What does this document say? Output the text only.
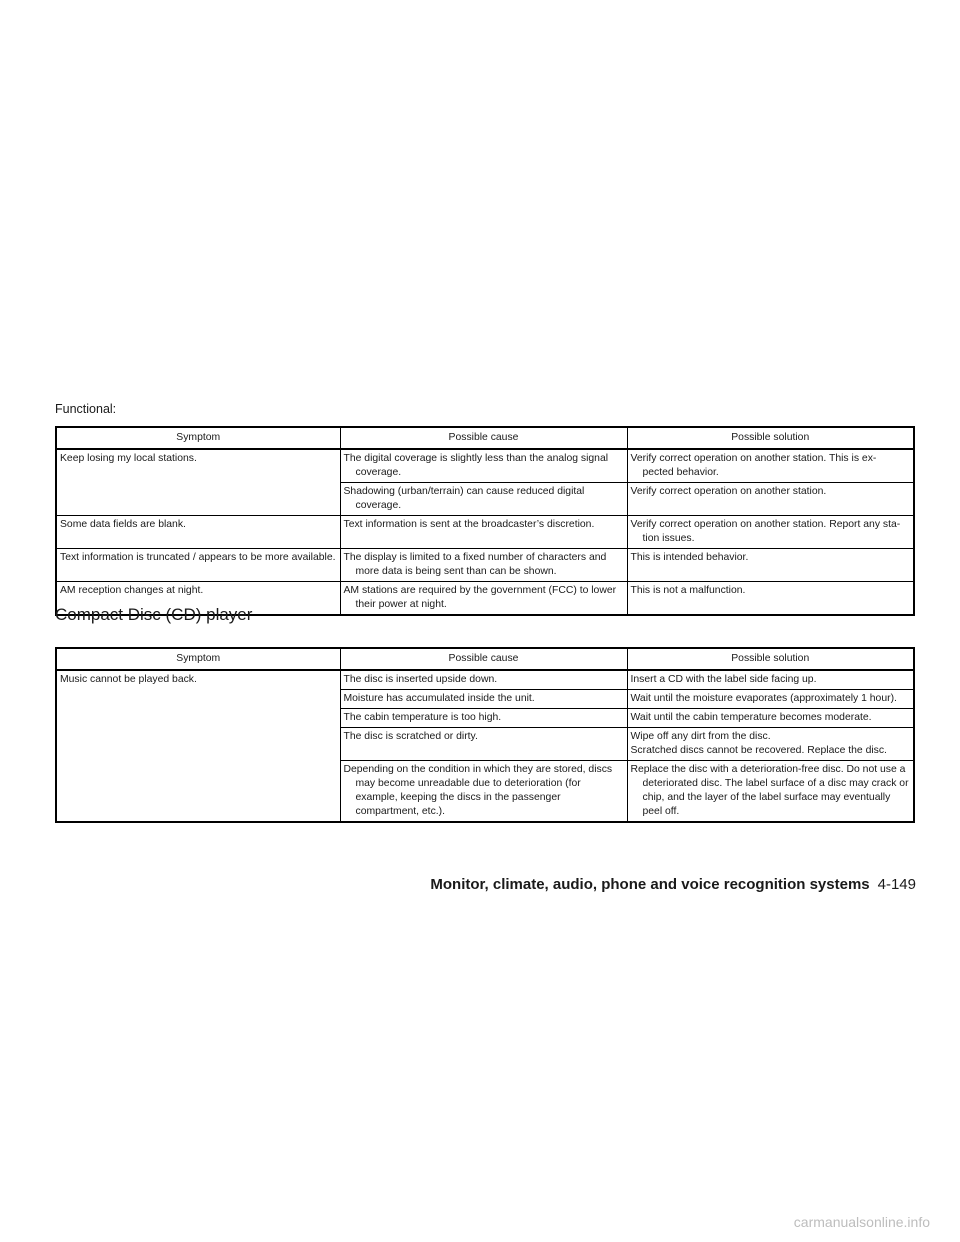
Functional:
Symptom	Possible cause	Possible solution
Keep losing my local stations.	The digital coverage is slightly less than the analog signal coverage.	Verify correct operation on another station. This is ex- pected behavior.

	Shadowing (urban/terrain) can cause reduced digital coverage.	Verify correct operation on another station.

Some data fields are blank.	Text information is sent at the broadcaster’s discretion.	Verify correct operation on another station. Report any sta- tion issues.

Text information is truncated / appears to be more available.	The display is limited to a fixed number of characters and more data is being sent than can be shown.	This is intended behavior.

AM reception changes at night.	AM stations are required by the government (FCC) to lower their power at night.	This is not a malfunction.
Compact Disc (CD) player
Symptom	Possible cause	Possible solution
Music cannot be played back.	The disc is inserted upside down.	Insert a CD with the label side facing up.

	Moisture has accumulated inside the unit.	Wait until the moisture evaporates (approximately 1 hour).

	The cabin temperature is too high.	Wait until the cabin temperature becomes moderate.

	The disc is scratched or dirty.	Wipe off any dirt from the disc.
Scratched discs cannot be recovered. Replace the disc.

	Depending on the condition in which they are stored, discs may become unreadable due to deterioration (for example, keeping the discs in the passenger compartment, etc.).	Replace the disc with a deterioration-free disc. Do not use a deteriorated disc. The label surface of a disc may crack or chip, and the layer of the label surface may eventually peel off.
Monitor, climate, audio, phone and voice recognition systems 4-149
carmanualsonline.info
